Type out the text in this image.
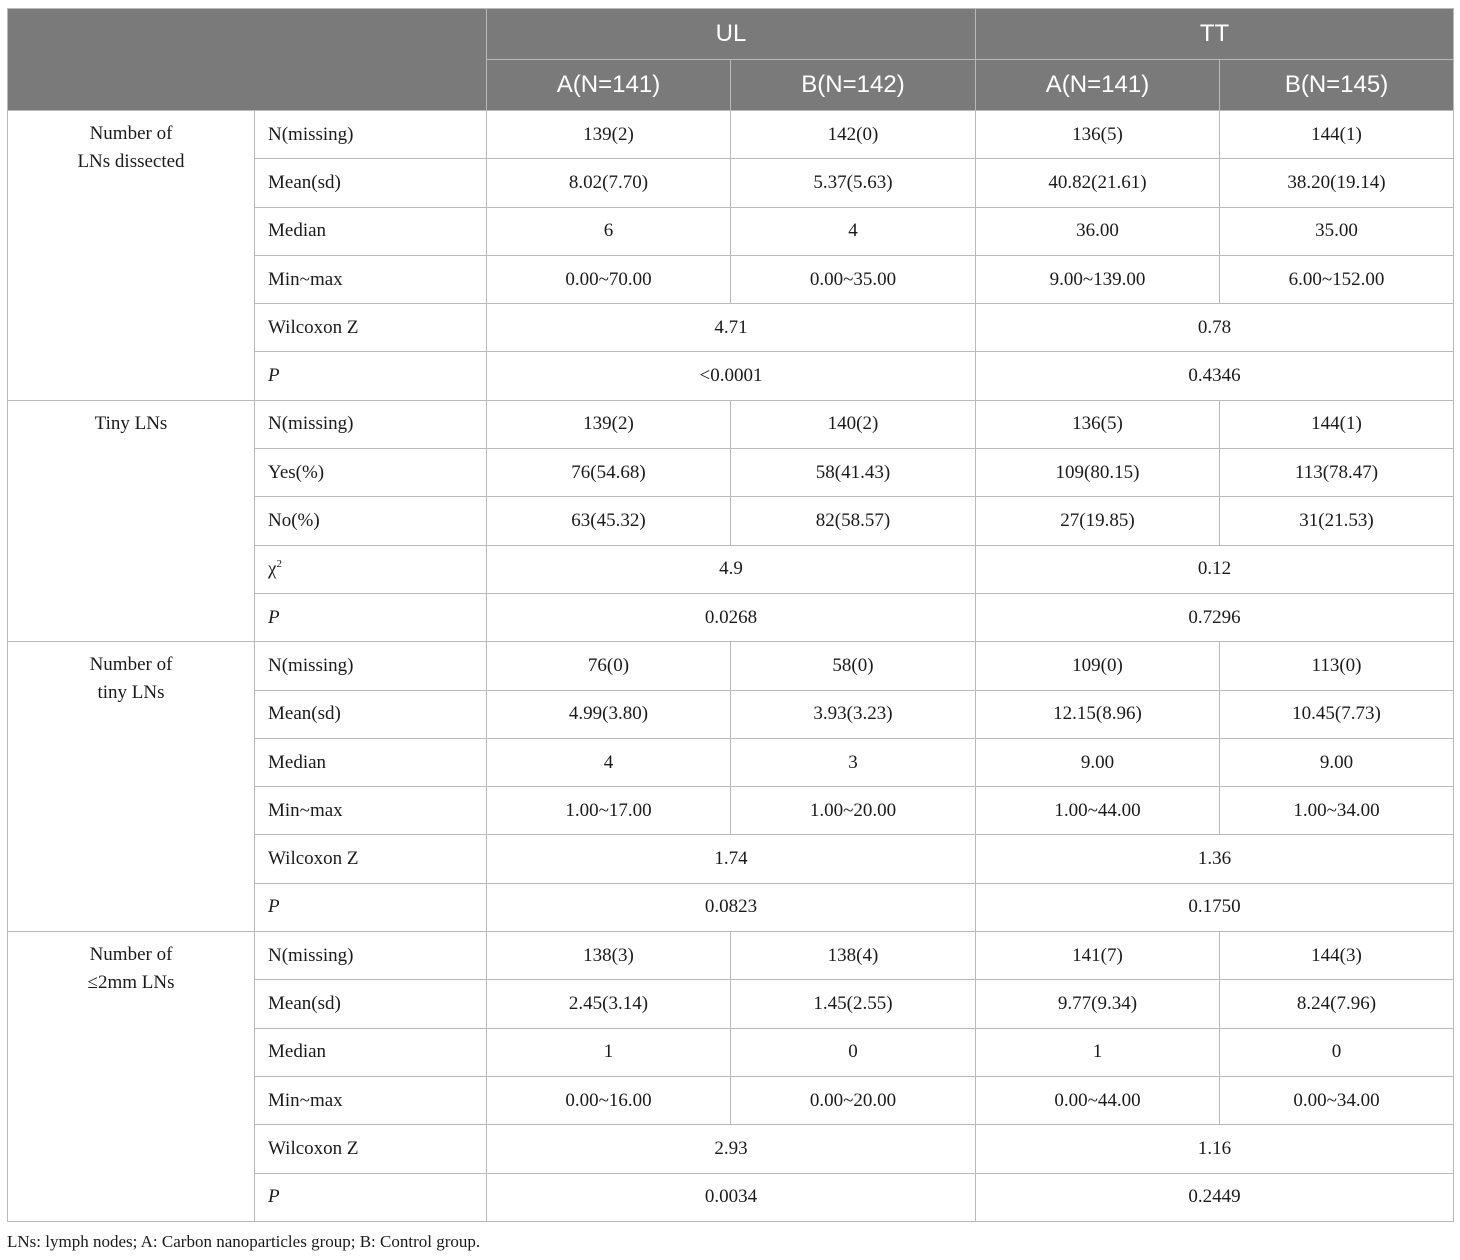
		UL		TT	
		A(N=141)	B(N=142)	A(N=141)	B(N=145)

Number of
LNs dissected	N(missing)	139(2)	142(0)	136(5)	144(1)
	Mean(sd)	8.02(7.70)	5.37(5.63)	40.82(21.61)	38.20(19.14)
	Median	6	4	36.00	35.00
	Min~max	0.00~70.00	0.00~35.00	9.00~139.00	6.00~152.00
	Wilcoxon Z	4.71		0.78	
	P	<0.0001		0.4346	

Tiny LNs	N(missing)	139(2)	140(2)	136(5)	144(1)
	Yes(%)	76(54.68)	58(41.43)	109(80.15)	113(78.47)
	No(%)	63(45.32)	82(58.57)	27(19.85)	31(21.53)
	$\chi^2$	4.9		0.12	
	P	0.0268		0.7296	

Number of
tiny LNs	N(missing)	76(0)	58(0)	109(0)	113(0)
	Mean(sd)	4.99(3.80)	3.93(3.23)	12.15(8.96)	10.45(7.73)
	Median	4	3	9.00	9.00
	Min~max	1.00~17.00	1.00~20.00	1.00~44.00	1.00~34.00
	Wilcoxon Z	1.74		1.36	
	P	0.0823		0.1750	

Number of
≤2mm LNs	N(missing)	138(3)	138(4)	141(7)	144(3)
	Mean(sd)	2.45(3.14)	1.45(2.55)	9.77(9.34)	8.24(7.96)
	Median	1	0	1	0
	Min~max	0.00~16.00	0.00~20.00	0.00~44.00	0.00~34.00
	Wilcoxon Z	2.93		1.16	
	P	0.0034		0.2449	
LNs: lymph nodes; A: Carbon nanoparticles group; B: Control group.
